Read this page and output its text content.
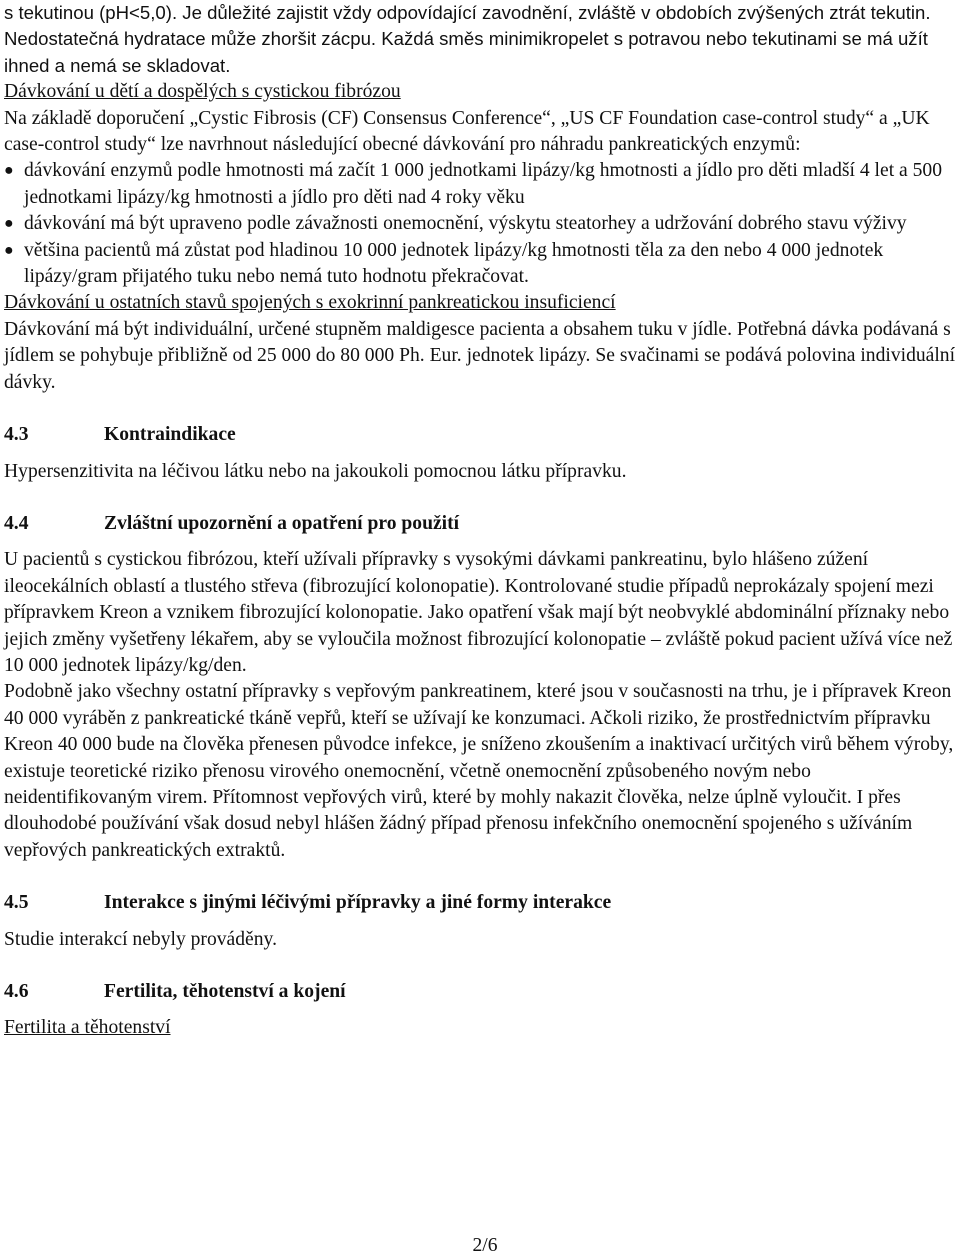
s tekutinou (pH<5,0). Je důležité zajistit vždy odpovídající zavodnění, zvláště v obdobích zvýšených ztrát tekutin. Nedostatečná hydratace může zhoršit zácpu. Každá směs minimikropelet s potravou nebo tekutinami se má užít ihned a nemá se skladovat.

Dávkování u dětí a dospělých s cystickou fibrózou

Na základě doporučení „Cystic Fibrosis (CF) Consensus Conference“, „US CF Foundation case-control study“ a „UK case-control study“ lze navrhnout následující obecné dávkování pro náhradu pankreatických enzymů:

● dávkování enzymů podle hmotnosti má začít 1 000 jednotkami lipázy/kg hmotnosti a jídlo pro děti mladší 4 let a 500 jednotkami lipázy/kg hmotnosti a jídlo pro děti nad 4 roky věku
● dávkování má být upraveno podle závažnosti onemocnění, výskytu steatorhey a udržování dobrého stavu výživy
● většina pacientů má zůstat pod hladinou 10 000 jednotek lipázy/kg hmotnosti těla za den nebo 4 000 jednotek lipázy/gram přijatého tuku nebo nemá tuto hodnotu překračovat.

Dávkování u ostatních stavů spojených s exokrinní pankreatickou insuficiencí

Dávkování má být individuální, určené stupněm maldigesce pacienta a obsahem tuku v jídle. Potřebná dávka podávaná s jídlem se pohybuje přibližně od 25 000 do 80 000 Ph. Eur. jednotek lipázy. Se svačinami se podává polovina individuální dávky.

4.3	Kontraindikace

Hypersenzitivita na léčivou látku nebo na jakoukoli pomocnou látku přípravku.

4.4	Zvláštní upozornění a opatření pro použití

U pacientů s cystickou fibrózou, kteří užívali přípravky s vysokými dávkami pankreatinu, bylo hlášeno zúžení ileocekálních oblastí a tlustého střeva (fibrozující kolonopatie). Kontrolované studie případů neprokázaly spojení mezi přípravkem Kreon a vznikem fibrozující kolonopatie. Jako opatření však mají být neobvyklé abdominální příznaky nebo jejich změny vyšetřeny lékařem, aby se vyloučila možnost fibrozující kolonopatie – zvláště pokud pacient užívá více než 10 000 jednotek lipázy/kg/den.

Podobně jako všechny ostatní přípravky s vepřovým pankreatinem, které jsou v současnosti na trhu, je i přípravek Kreon 40 000 vyráběn z pankreatické tkáně vepřů, kteří se užívají ke konzumaci. Ačkoli riziko, že prostřednictvím přípravku Kreon 40 000 bude na člověka přenesen původce infekce, je sníženo zkoušením a inaktivací určitých virů během výroby, existuje teoretické riziko přenosu virového onemocnění, včetně onemocnění způsobeného novým nebo neidentifikovaným virem. Přítomnost vepřových virů, které by mohly nakazit člověka, nelze úplně vyloučit. I přes dlouhodobé používání však dosud nebyl hlášen žádný případ přenosu infekčního onemocnění spojeného s užíváním vepřových pankreatických extraktů.

4.5	Interakce s jinými léčivými přípravky a jiné formy interakce

Studie interakcí nebyly prováděny.

4.6	Fertilita, těhotenství a kojení

Fertilita a těhotenství

2/6
